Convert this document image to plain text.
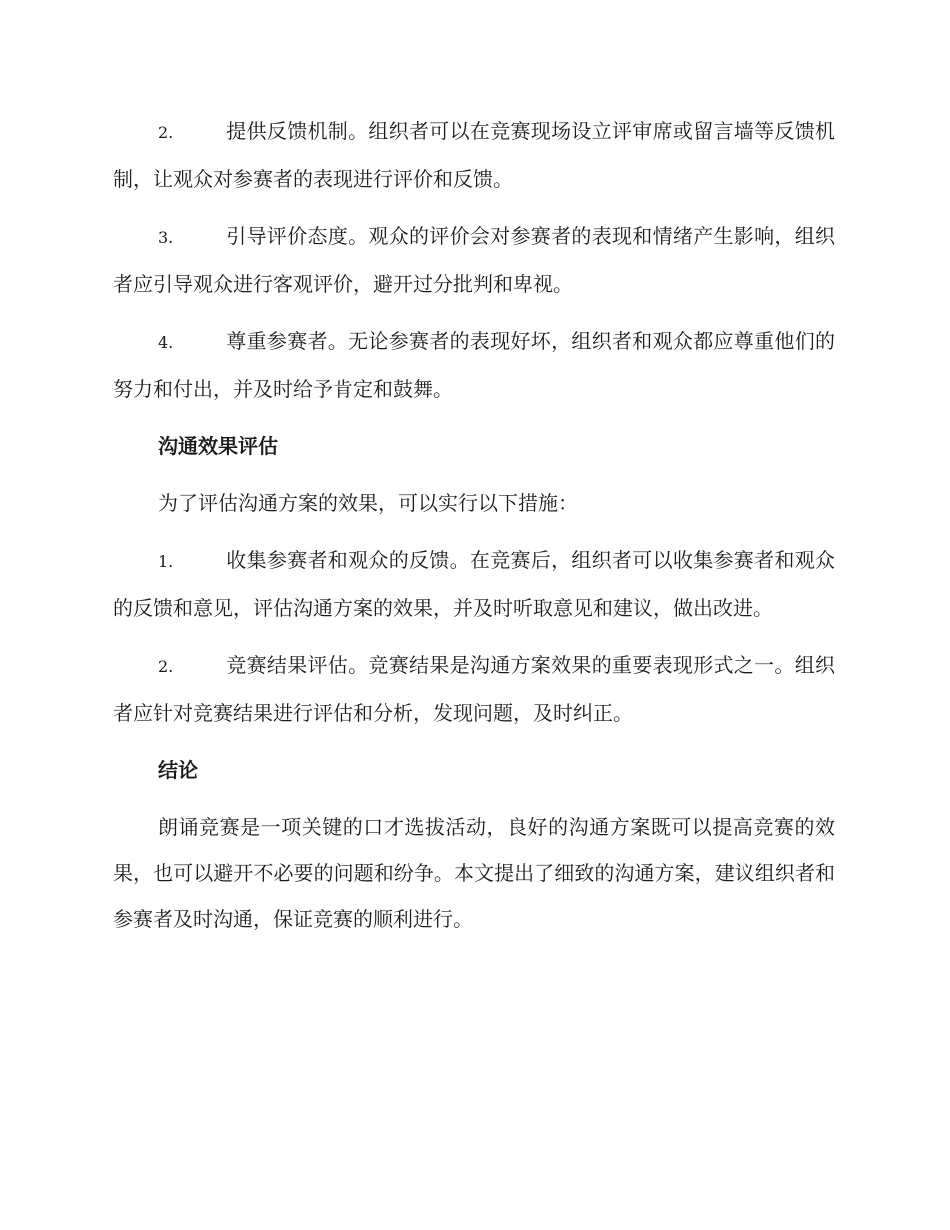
2.	提供反馈机制。组织者可以在竞赛现场设立评审席或留言墙等反馈机制，让观众对参赛者的表现进行评价和反馈。

3.	引导评价态度。观众的评价会对参赛者的表现和情绪产生影响，组织者应引导观众进行客观评价，避开过分批判和卑视。

4.	尊重参赛者。无论参赛者的表现好坏，组织者和观众都应尊重他们的努力和付出，并及时给予肯定和鼓舞。

沟通效果评估

为了评估沟通方案的效果，可以实行以下措施：

1.	收集参赛者和观众的反馈。在竞赛后，组织者可以收集参赛者和观众的反馈和意见，评估沟通方案的效果，并及时听取意见和建议，做出改进。

2.	竞赛结果评估。竞赛结果是沟通方案效果的重要表现形式之一。组织者应针对竞赛结果进行评估和分析，发现问题，及时纠正。

结论

朗诵竞赛是一项关键的口才选拔活动，良好的沟通方案既可以提高竞赛的效果，也可以避开不必要的问题和纷争。本文提出了细致的沟通方案，建议组织者和参赛者及时沟通，保证竞赛的顺利进行。
